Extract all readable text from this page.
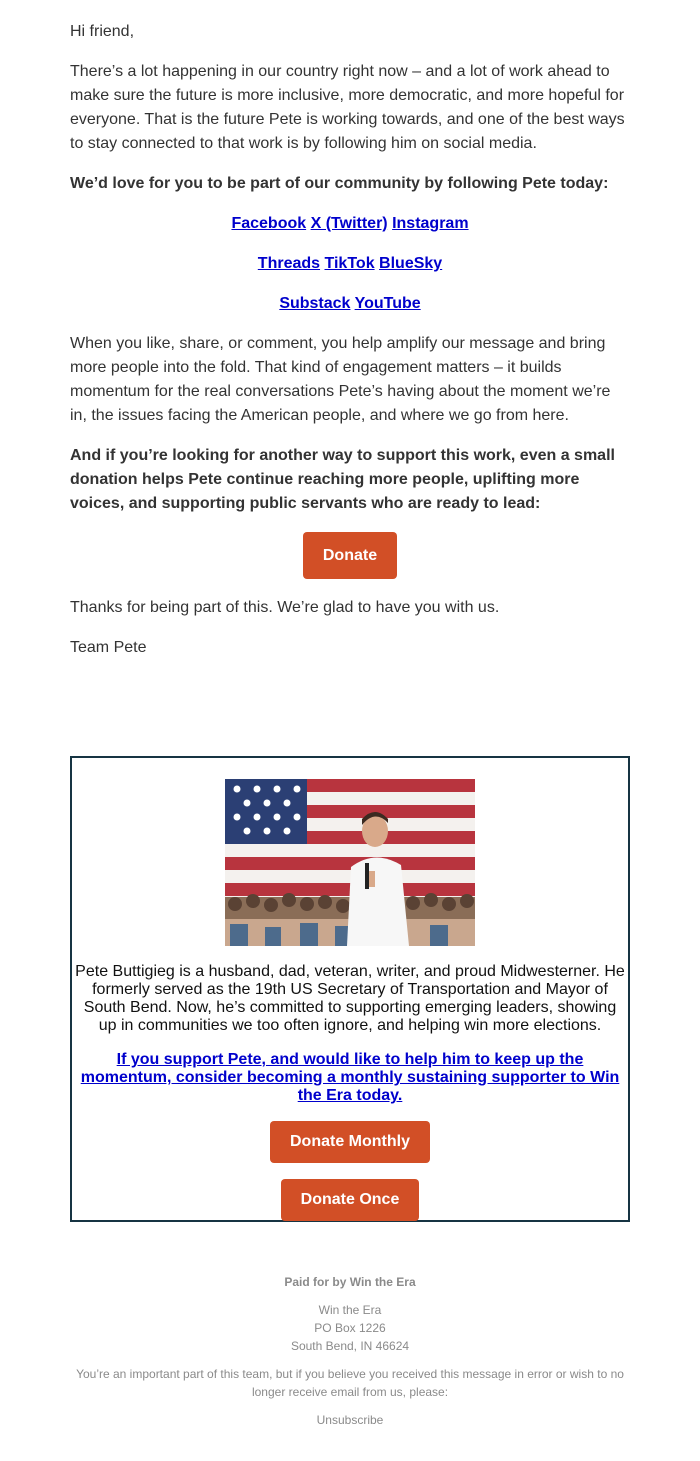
Hi friend,

There’s a lot happening in our country right now – and a lot of work ahead to make sure the future is more inclusive, more democratic, and more hopeful for everyone. That is the future Pete is working towards, and one of the best ways to stay connected to that work is by following him on social media.

We’d love for you to be part of our community by following Pete today:

Facebook X (Twitter) Instagram
Threads TikTok BlueSky
Substack YouTube

When you like, share, or comment, you help amplify our message and bring more people into the fold. That kind of engagement matters – it builds momentum for the real conversations Pete’s having about the moment we’re in, the issues facing the American people, and where we go from here.

And if you’re looking for another way to support this work, even a small donation helps Pete continue reaching more people, uplifting more voices, and supporting public servants who are ready to lead:

Donate

Thanks for being part of this. We’re glad to have you with us.

Team Pete

Pete Buttigieg is a husband, dad, veteran, writer, and proud Midwesterner. He formerly served as the 19th US Secretary of Transportation and Mayor of South Bend. Now, he’s committed to supporting emerging leaders, showing up in communities we too often ignore, and helping win more elections.
If you support Pete, and would like to help him to keep up the momentum, consider becoming a monthly sustaining supporter to Win the Era today.
Donate Monthly
Donate Once
Paid for by Win the Era
Win the Era
PO Box 1226
South Bend, IN 46624
You’re an important part of this team, but if you believe you received this message in error or wish to no longer receive email from us, please:
Unsubscribe
